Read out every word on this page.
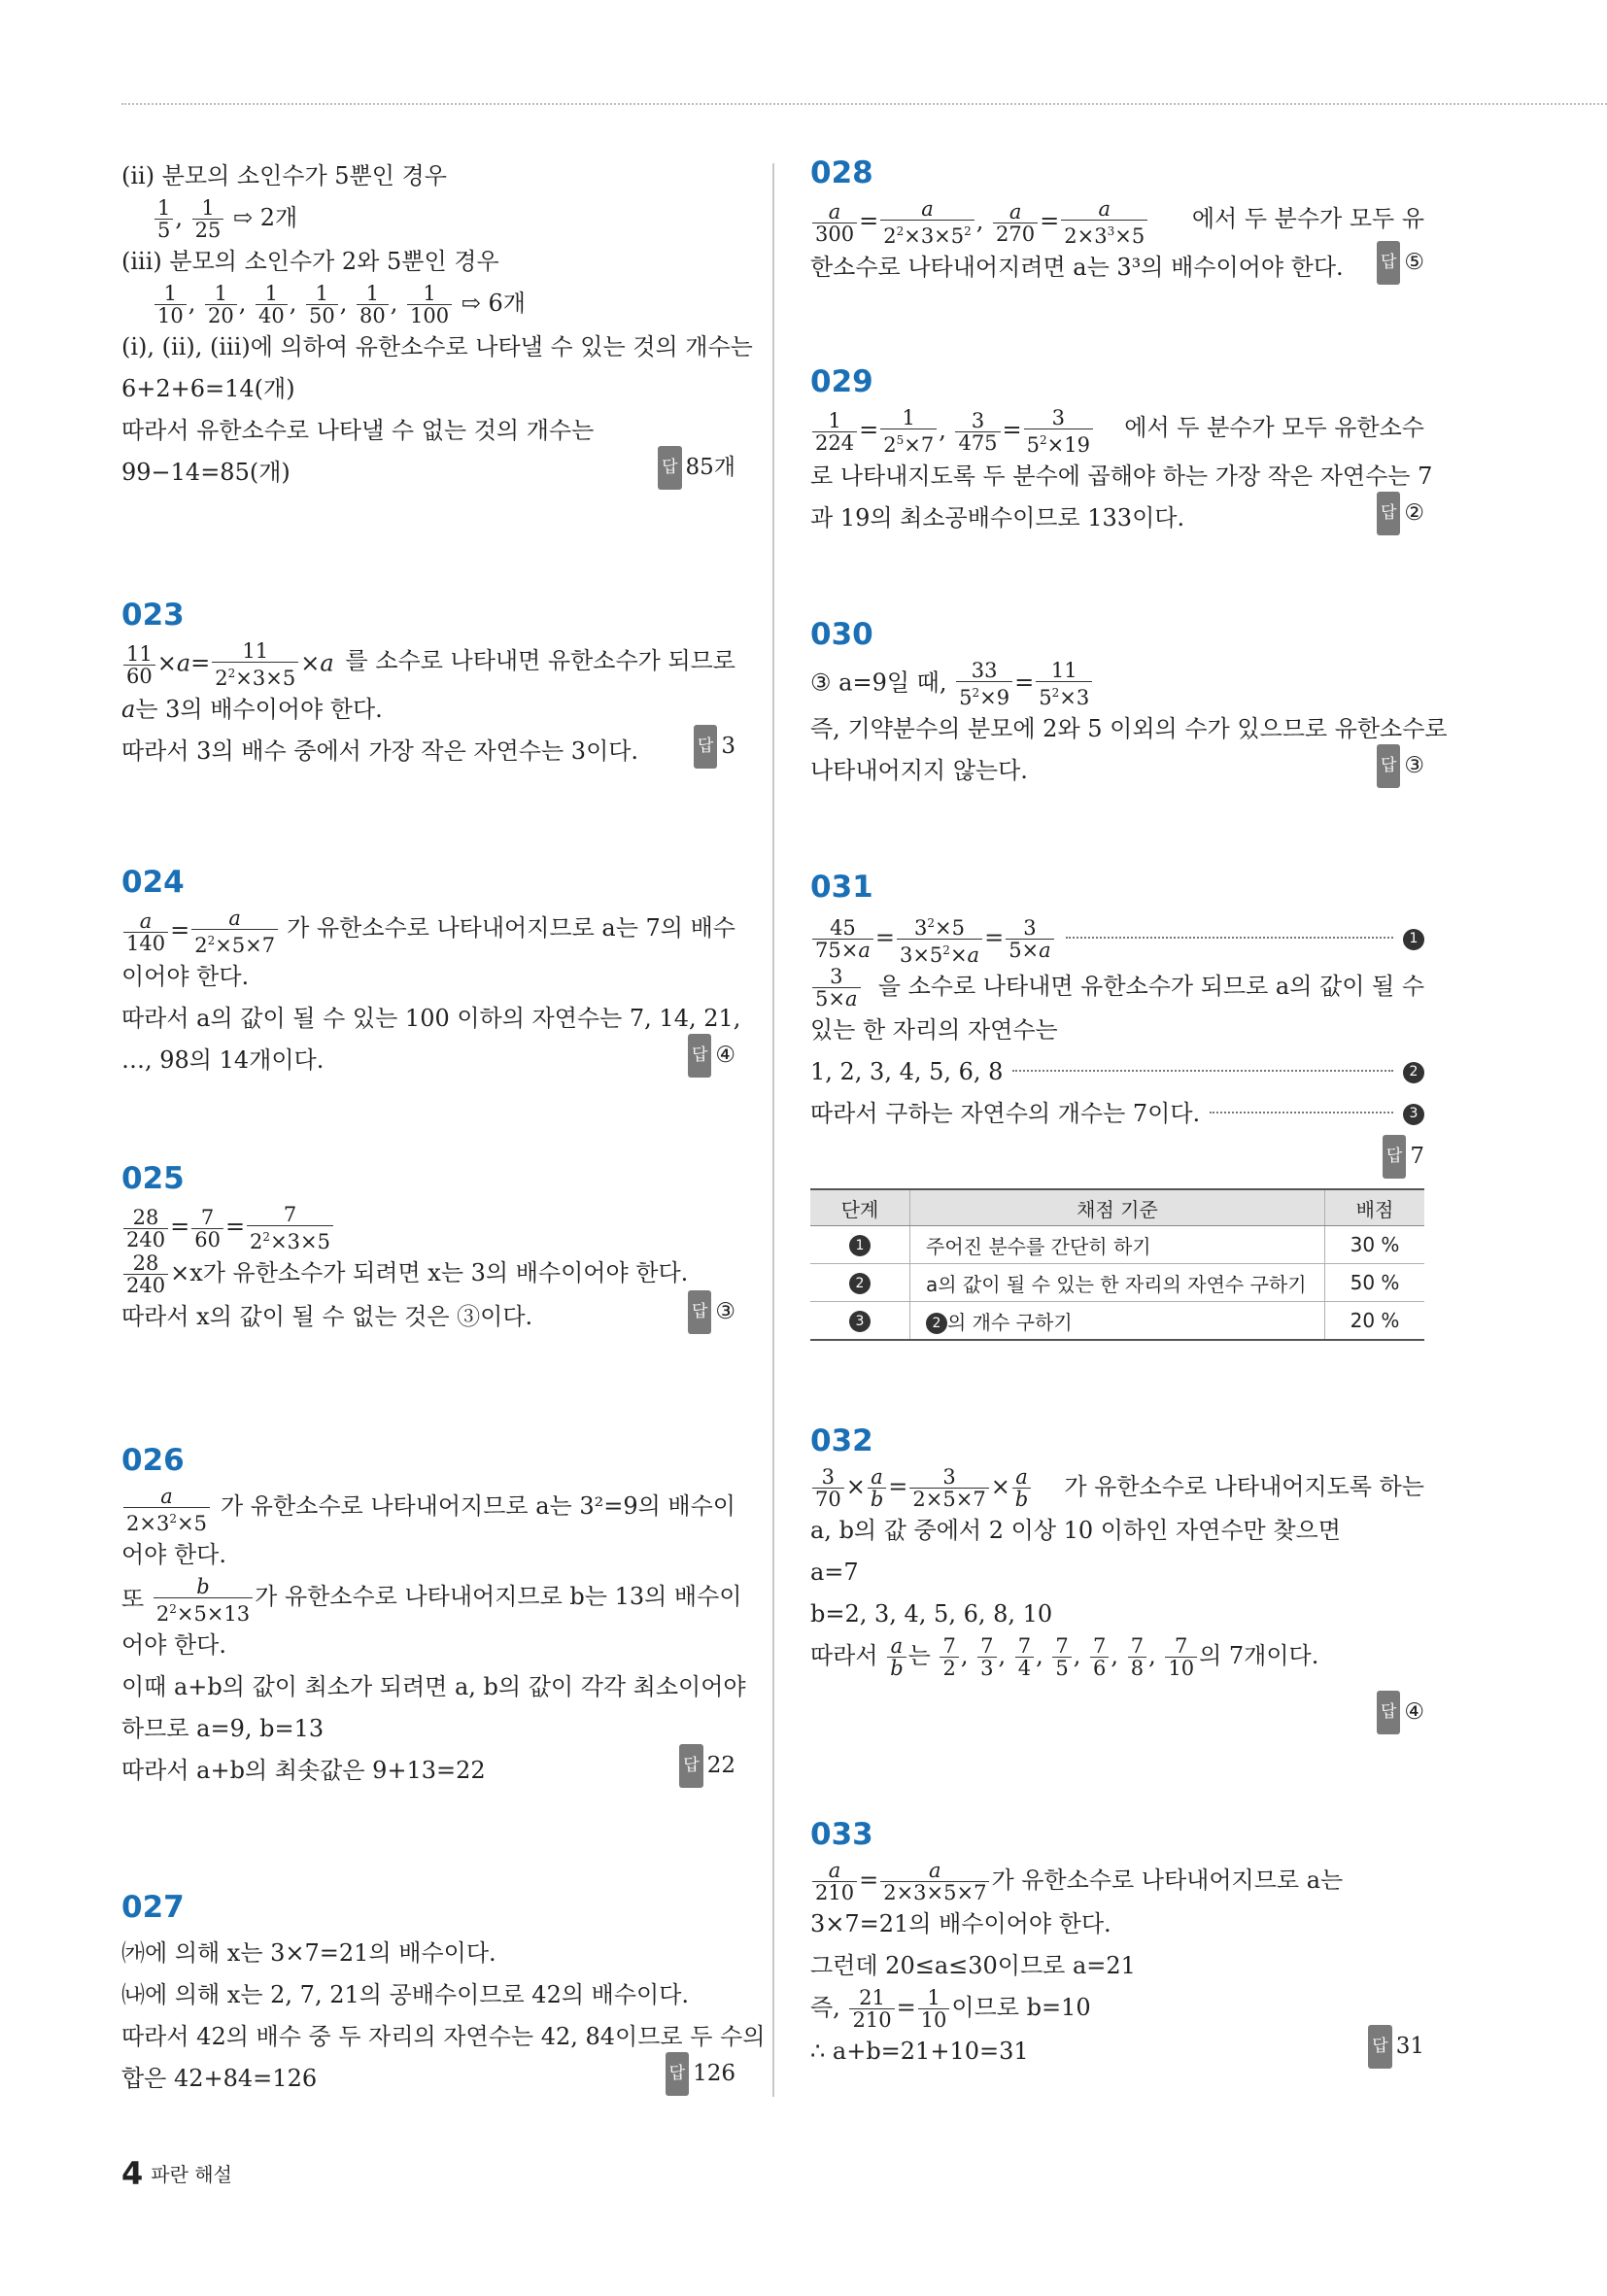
(ii) 분모의 소인수가 5뿐인 경우
$\frac{1}{5}$ , $\frac{1}{25}$ ⇨ 2개
(iii) 분모의 소인수가 2와 5뿐인 경우
$\frac{1}{10}$ , $\frac{1}{20}$ , $\frac{1}{40}$ , $\frac{1}{50}$ , $\frac{1}{80}$ , $\frac{1}{100}$ ⇨ 6개
(i), (ii), (iii)에 의하여 유한소수로 나타낼 수 있는 것의 개수는
6+2+6=14(개)
따라서 유한소수로 나타낼 수 없는 것의 개수는
99−14=85(개)	답 85개
023
$\frac{11}{60} \times a= \frac{11}{2^2\times 3\times 5} \times a$ 를 소수로 나타내면 유한소수가 되므로
a는 3의 배수이어야 한다.
따라서 3의 배수 중에서 가장 작은 자연수는 3이다.	답 3
024
$\frac{a}{140} = \frac{a}{2^2\times 5\times 7}$ 가 유한소수로 나타내어지므로 a는 7의 배수
이어야 한다.
따라서 a의 값이 될 수 있는 100 이하의 자연수는 7, 14, 21,
…, 98의 14개이다.	답 ④
025
$\frac{28}{240} = \frac{7}{60} = \frac{7}{2^2\times 3\times 5}$
$\frac{28}{240} \times x$가 유한소수가 되려면 x는 3의 배수이어야 한다.
따라서 x의 값이 될 수 없는 것은 ③이다.	답 ③
026
$\frac{a}{2\times 3^2\times 5}$ 가 유한소수로 나타내어지므로 a는 3²=9의 배수이
어야 한다.
또 $\frac{b}{2^2\times 5\times 13}$ 가 유한소수로 나타내어지므로 b는 13의 배수이
어야 한다.
이때 a+b의 값이 최소가 되려면 a, b의 값이 각각 최소이어야
하므로 a=9, b=13
따라서 a+b의 최솟값은 9+13=22	답 22
027
㈎에 의해 x는 3×7=21의 배수이다.
㈏에 의해 x는 2, 7, 21의 공배수이므로 42의 배수이다.
따라서 42의 배수 중 두 자리의 자연수는 42, 84이므로 두 수의
합은 42+84=126	답 126
028
$\frac{a}{300} = \frac{a}{2^2\times 3\times 5^2}$ , $\frac{a}{270} = \frac{a}{2\times 3^3\times 5}$ 에서 두 분수가 모두 유
한소수로 나타내어지려면 a는 3³의 배수이어야 한다. 답 ⑤
029
$\frac{1}{224} = \frac{1}{2^5\times 7}$ , $\frac{3}{475} = \frac{3}{5^2\times 19}$ 에서 두 분수가 모두 유한소수
로 나타내지도록 두 분수에 곱해야 하는 가장 작은 자연수는 7
과 19의 최소공배수이므로 133이다.	답 ②
030
③ a=9일 때, $\frac{33}{5^2\times 9} = \frac{11}{5^2\times 3}$
즉, 기약분수의 분모에 2와 5 이외의 수가 있으므로 유한소수로
나타내어지지 않는다.	답 ③
031
$\frac{45}{75\times a} = \frac{3^2\times 5}{3\times 5^2\times a} = \frac{3}{5\times a}$	1
$\frac{3}{5\times a}$ 을 소수로 나타내면 유한소수가 되므로 a의 값이 될 수
있는 한 자리의 자연수는
1, 2, 3, 4, 5, 6, 8	2
따라서 구하는 자연수의 개수는 7이다.	3
답 7
단계	채점 기준	배점
1	주어진 분수를 간단히 하기	30 %
2	a의 값이 될 수 있는 한 자리의 자연수 구하기	50 %
3	2 의 개수 구하기	20 %
032
$\frac{3}{70} \times \frac{a}{b} = \frac{3}{2\times 5\times 7} \times \frac{a}{b}$ 가 유한소수로 나타내어지도록 하는
a, b의 값 중에서 2 이상 10 이하인 자연수만 찾으면
a=7
b=2, 3, 4, 5, 6, 8, 10
따라서 $\frac{a}{b}$ 는 $\frac{7}{2}$ , $\frac{7}{3}$ , $\frac{7}{4}$ , $\frac{7}{5}$ , $\frac{7}{6}$ , $\frac{7}{8}$ , $\frac{7}{10}$ 의 7개이다.
답 ④
033
$\frac{a}{210} = \frac{a}{2\times 3\times 5\times 7}$ 가 유한소수로 나타내어지므로 a는
3×7=21의 배수이어야 한다.
그런데 20≤a≤30이므로 a=21
즉, $\frac{21}{210} = \frac{1}{10}$ 이므로 b=10
∴ a+b=21+10=31	답 31
4 파란 해설
